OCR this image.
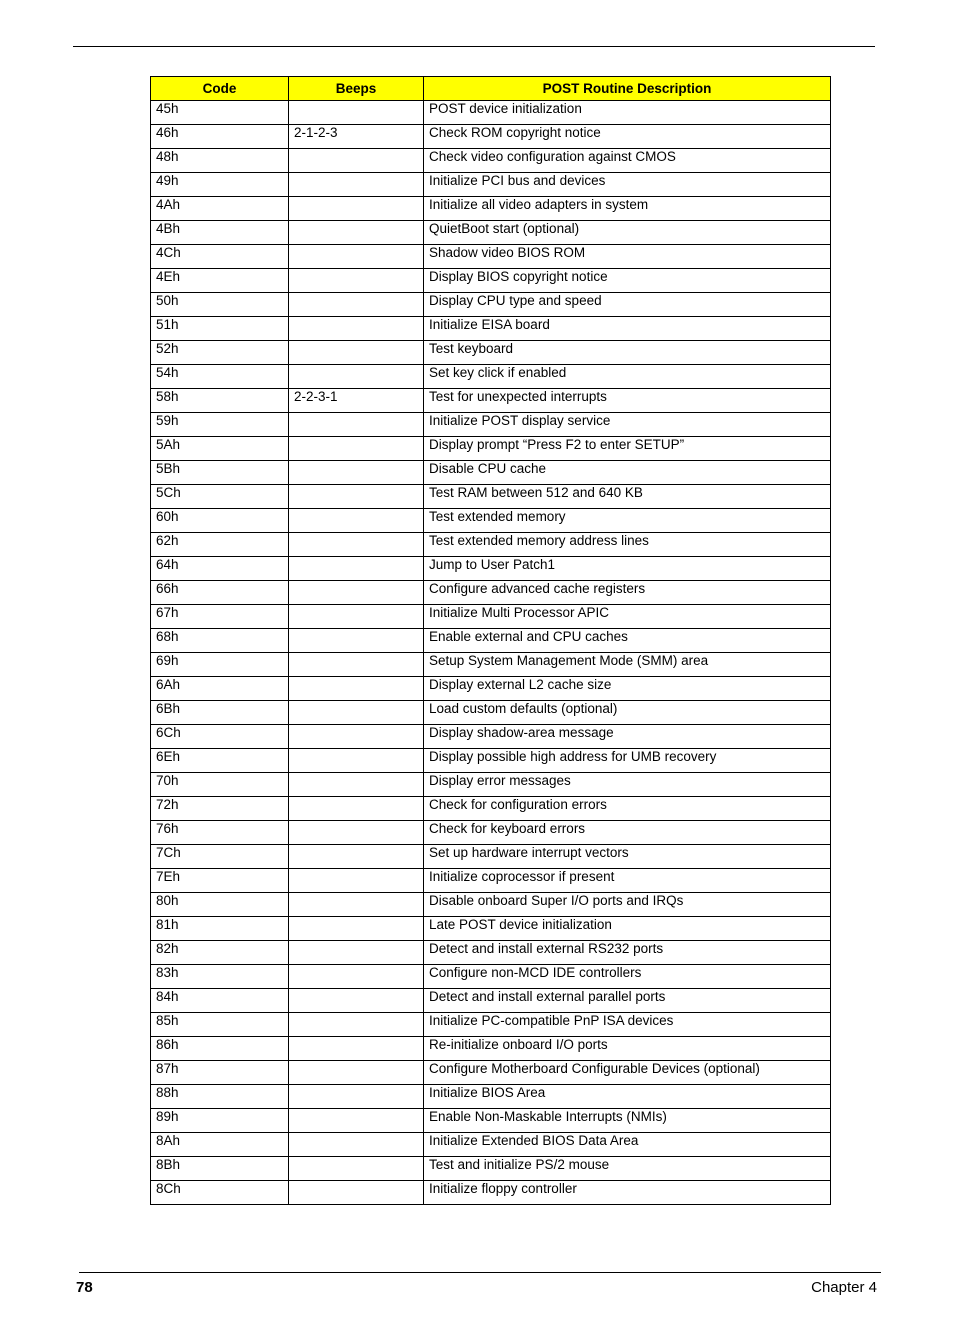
Code	Beeps	POST Routine Description
45h		POST device initialization
46h	2-1-2-3	Check ROM copyright notice
48h		Check video configuration against CMOS
49h		Initialize PCI bus and devices
4Ah		Initialize all video adapters in system
4Bh		QuietBoot start (optional)
4Ch		Shadow video BIOS ROM
4Eh		Display BIOS copyright notice
50h		Display CPU type and speed
51h		Initialize EISA board
52h		Test keyboard
54h		Set key click if enabled
58h	2-2-3-1	Test for unexpected interrupts
59h		Initialize POST display service
5Ah		Display prompt “Press F2 to enter SETUP”
5Bh		Disable CPU cache
5Ch		Test RAM between 512 and 640 KB
60h		Test extended memory
62h		Test extended memory address lines
64h		Jump to User Patch1
66h		Configure advanced cache registers
67h		Initialize Multi Processor APIC
68h		Enable external and CPU caches
69h		Setup System Management Mode (SMM) area
6Ah		Display external L2 cache size
6Bh		Load custom defaults (optional)
6Ch		Display shadow-area message
6Eh		Display possible high address for UMB recovery
70h		Display error messages
72h		Check for configuration errors
76h		Check for keyboard errors
7Ch		Set up hardware interrupt vectors
7Eh		Initialize coprocessor if present
80h		Disable onboard Super I/O ports and IRQs
81h		Late POST device initialization
82h		Detect and install external RS232 ports
83h		Configure non-MCD IDE controllers
84h		Detect and install external parallel ports
85h		Initialize PC-compatible PnP ISA devices
86h		Re-initialize onboard I/O ports
87h		Configure Motherboard Configurable Devices (optional)
88h		Initialize BIOS Area
89h		Enable Non-Maskable Interrupts (NMIs)
8Ah		Initialize Extended BIOS Data Area
8Bh		Test and initialize PS/2 mouse
8Ch		Initialize floppy controller
78	Chapter 4
